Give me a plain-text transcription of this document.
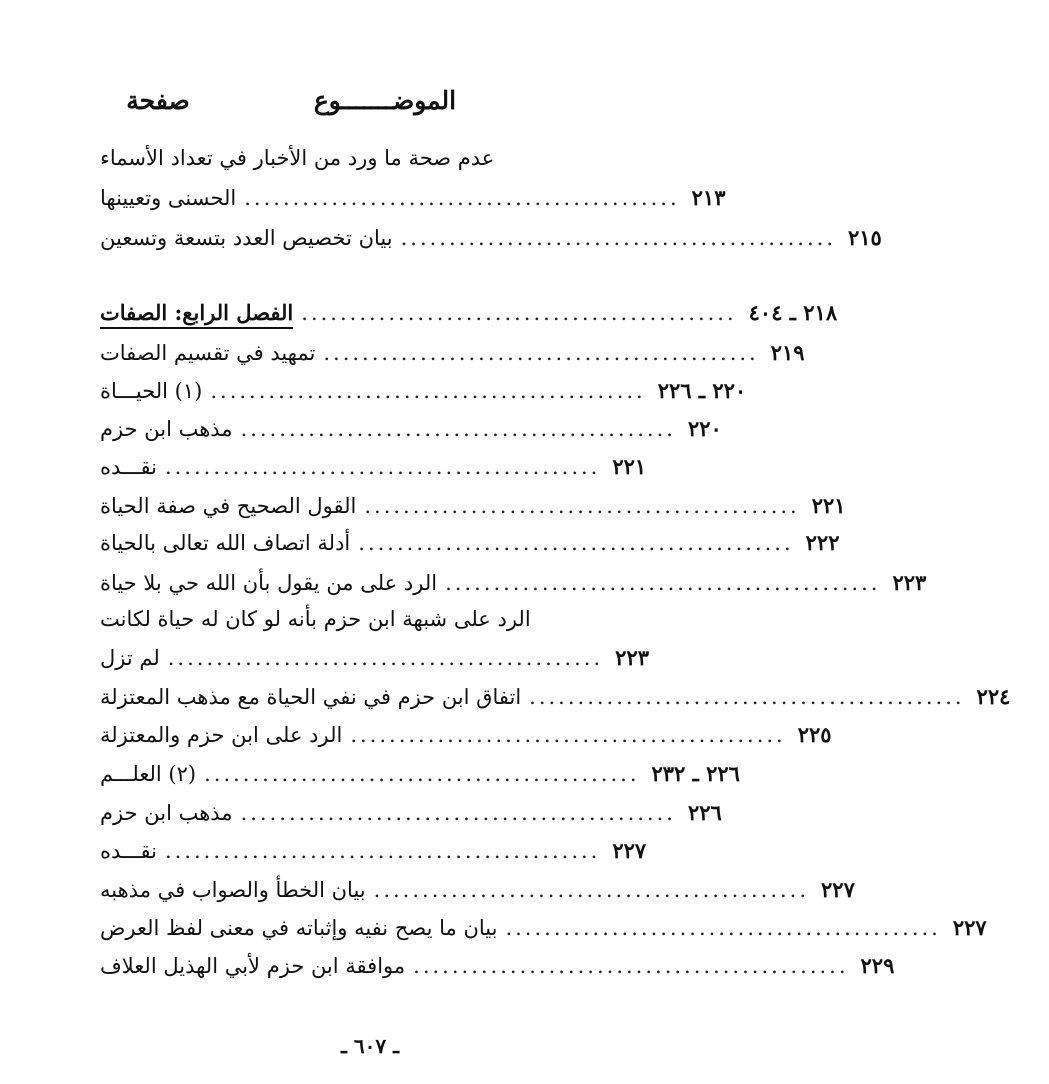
الموضـــــــوع
صفحة
عدم صحة ما ورد من الأخبار في تعداد الأسماء
الحسنى وتعيينها ............................................. ٢١٣
بيان تخصيص العدد بتسعة وتسعين ............................................. ٢١٥
الفصل الرابع: الصفات ............................................. ٢١٨ ـ ٤٠٤
تمهيد في تقسيم الصفات ............................................. ٢١٩
(١) الحيـــاة ............................................. ٢٢٠ ـ ٢٢٦
مذهب ابن حزم ............................................. ٢٢٠
نقـــده ............................................. ٢٢١
القول الصحيح في صفة الحياة ............................................. ٢٢١
أدلة اتصاف الله تعالى بالحياة ............................................. ٢٢٢
الرد على من يقول بأن الله حي بلا حياة ............................................. ٢٢٣
الرد على شبهة ابن حزم بأنه لو كان له حياة لكانت
لم تزل ............................................. ٢٢٣
اتفاق ابن حزم في نفي الحياة مع مذهب المعتزلة ............................................. ٢٢٤
الرد على ابن حزم والمعتزلة ............................................. ٢٢٥
(٢) العلـــم ............................................. ٢٢٦ ـ ٢٣٢
مذهب ابن حزم ............................................. ٢٢٦
نقـــده ............................................. ٢٢٧
بيان الخطأ والصواب في مذهبه ............................................. ٢٢٧
بيان ما يصح نفيه وإثباته في معنى لفظ العرض ............................................. ٢٢٧
موافقة ابن حزم لأبي الهذيل العلاف ............................................. ٢٢٩
ـ ٦٠٧ ـ
